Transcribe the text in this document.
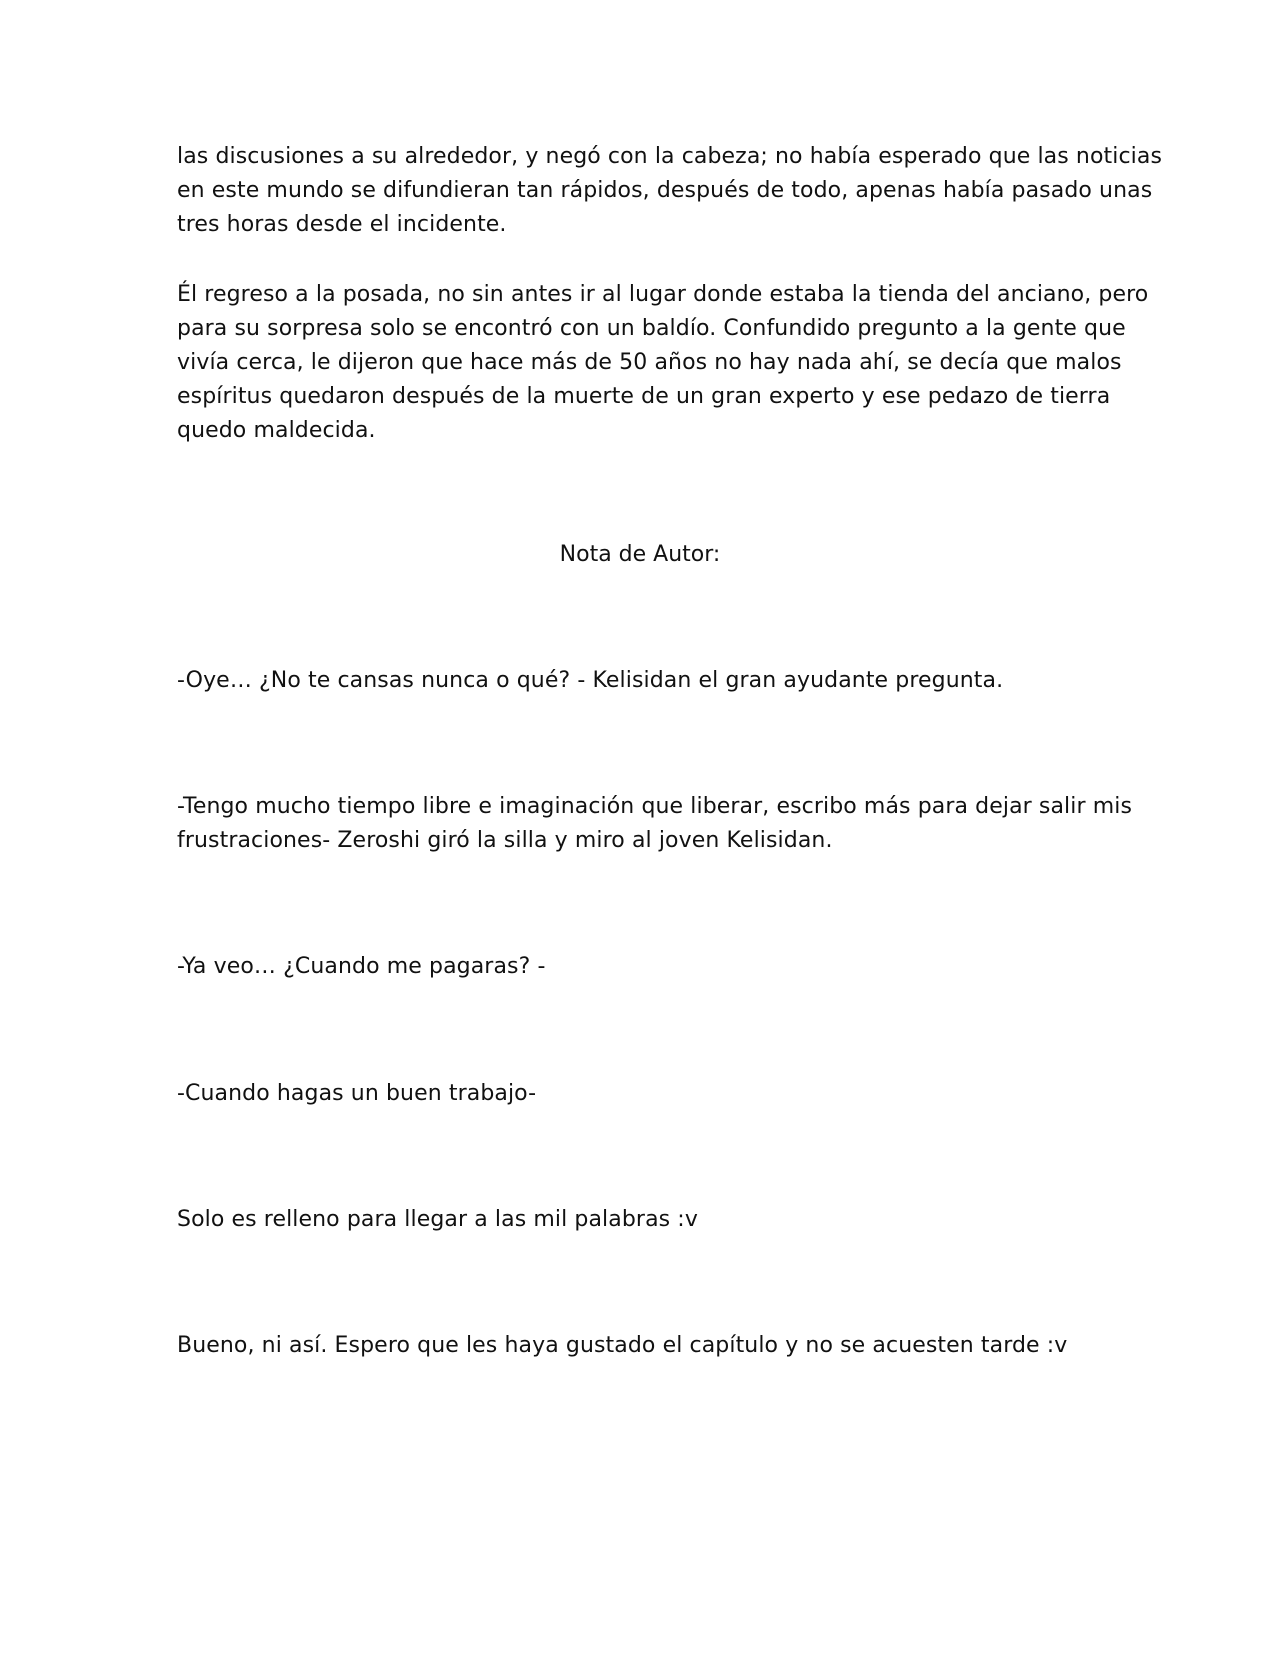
las discusiones a su alrededor, y negó con la cabeza; no había esperado que las noticias
en este mundo se difundieran tan rápidos, después de todo, apenas había pasado unas
tres horas desde el incidente.

Él regreso a la posada, no sin antes ir al lugar donde estaba la tienda del anciano, pero
para su sorpresa solo se encontró con un baldío. Confundido pregunto a la gente que
vivía cerca, le dijeron que hace más de 50 años no hay nada ahí, se decía que malos
espíritus quedaron después de la muerte de un gran experto y ese pedazo de tierra
quedo maldecida.

Nota de Autor:

-Oye… ¿No te cansas nunca o qué? - Kelisidan el gran ayudante pregunta.

-Tengo mucho tiempo libre e imaginación que liberar, escribo más para dejar salir mis
frustraciones- Zeroshi giró la silla y miro al joven Kelisidan.

-Ya veo… ¿Cuando me pagaras? -

-Cuando hagas un buen trabajo-

Solo es relleno para llegar a las mil palabras :v

Bueno, ni así. Espero que les haya gustado el capítulo y no se acuesten tarde :v
